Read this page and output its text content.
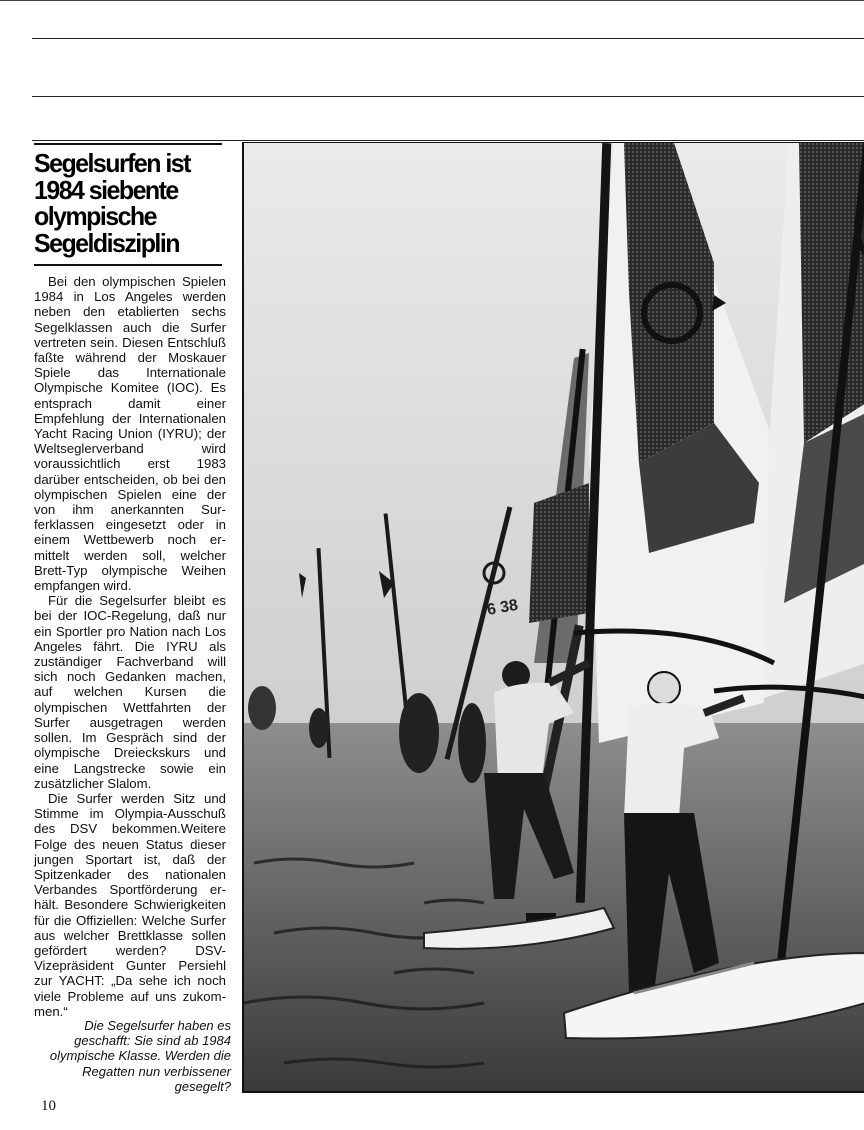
Segelsurfen ist 1984 siebente olympische Segeldisziplin

Bei den olympischen Spielen 1984 in Los Angeles werden neben den etablierten sechs Segelklassen auch die Surfer vertreten sein. Diesen Entschluß faßte während der Moskauer Spiele das Internationale Olympische Komitee (IOC). Es entsprach damit einer Empfehlung der Internationalen Yacht Racing Union (IYRU); der Weltseglerverband wird voraussichtlich erst 1983 darüber entscheiden, ob bei den olympischen Spielen eine der von ihm anerkannten Surferklassen eingesetzt oder in einem Wettbewerb noch ermittelt werden soll, welcher Brett-Typ olympische Weihen empfangen wird.

Für die Segelsurfer bleibt es bei der IOC-Regelung, daß nur ein Sportler pro Nation nach Los Angeles fährt. Die IYRU als zuständiger Fachverband will sich noch Gedanken machen, auf welchen Kursen die olympischen Wettfahrten der Surfer ausgetragen werden sollen. Im Gespräch sind der olympische Dreieckskurs und eine Langstrecke sowie ein zusätzlicher Slalom.

Die Surfer werden Sitz und Stimme im Olympia-Ausschuß des DSV bekommen.Weitere Folge des neuen Status dieser jungen Sportart ist, daß der Spitzenkader des nationalen Verbandes Sportförderung erhält. Besondere Schwierigkeiten für die Offiziellen: Welche Surfer aus welcher Brettklasse sollen gefördert werden? DSV-Vizepräsident Gunter Persiehl zur YACHT: „Da sehe ich noch viele Probleme auf uns zukommen.“

Die Segelsurfer haben es geschafft: Sie sind ab 1984 olympische Klasse. Werden die Regatten nun verbissener gesegelt?

10
6 38
